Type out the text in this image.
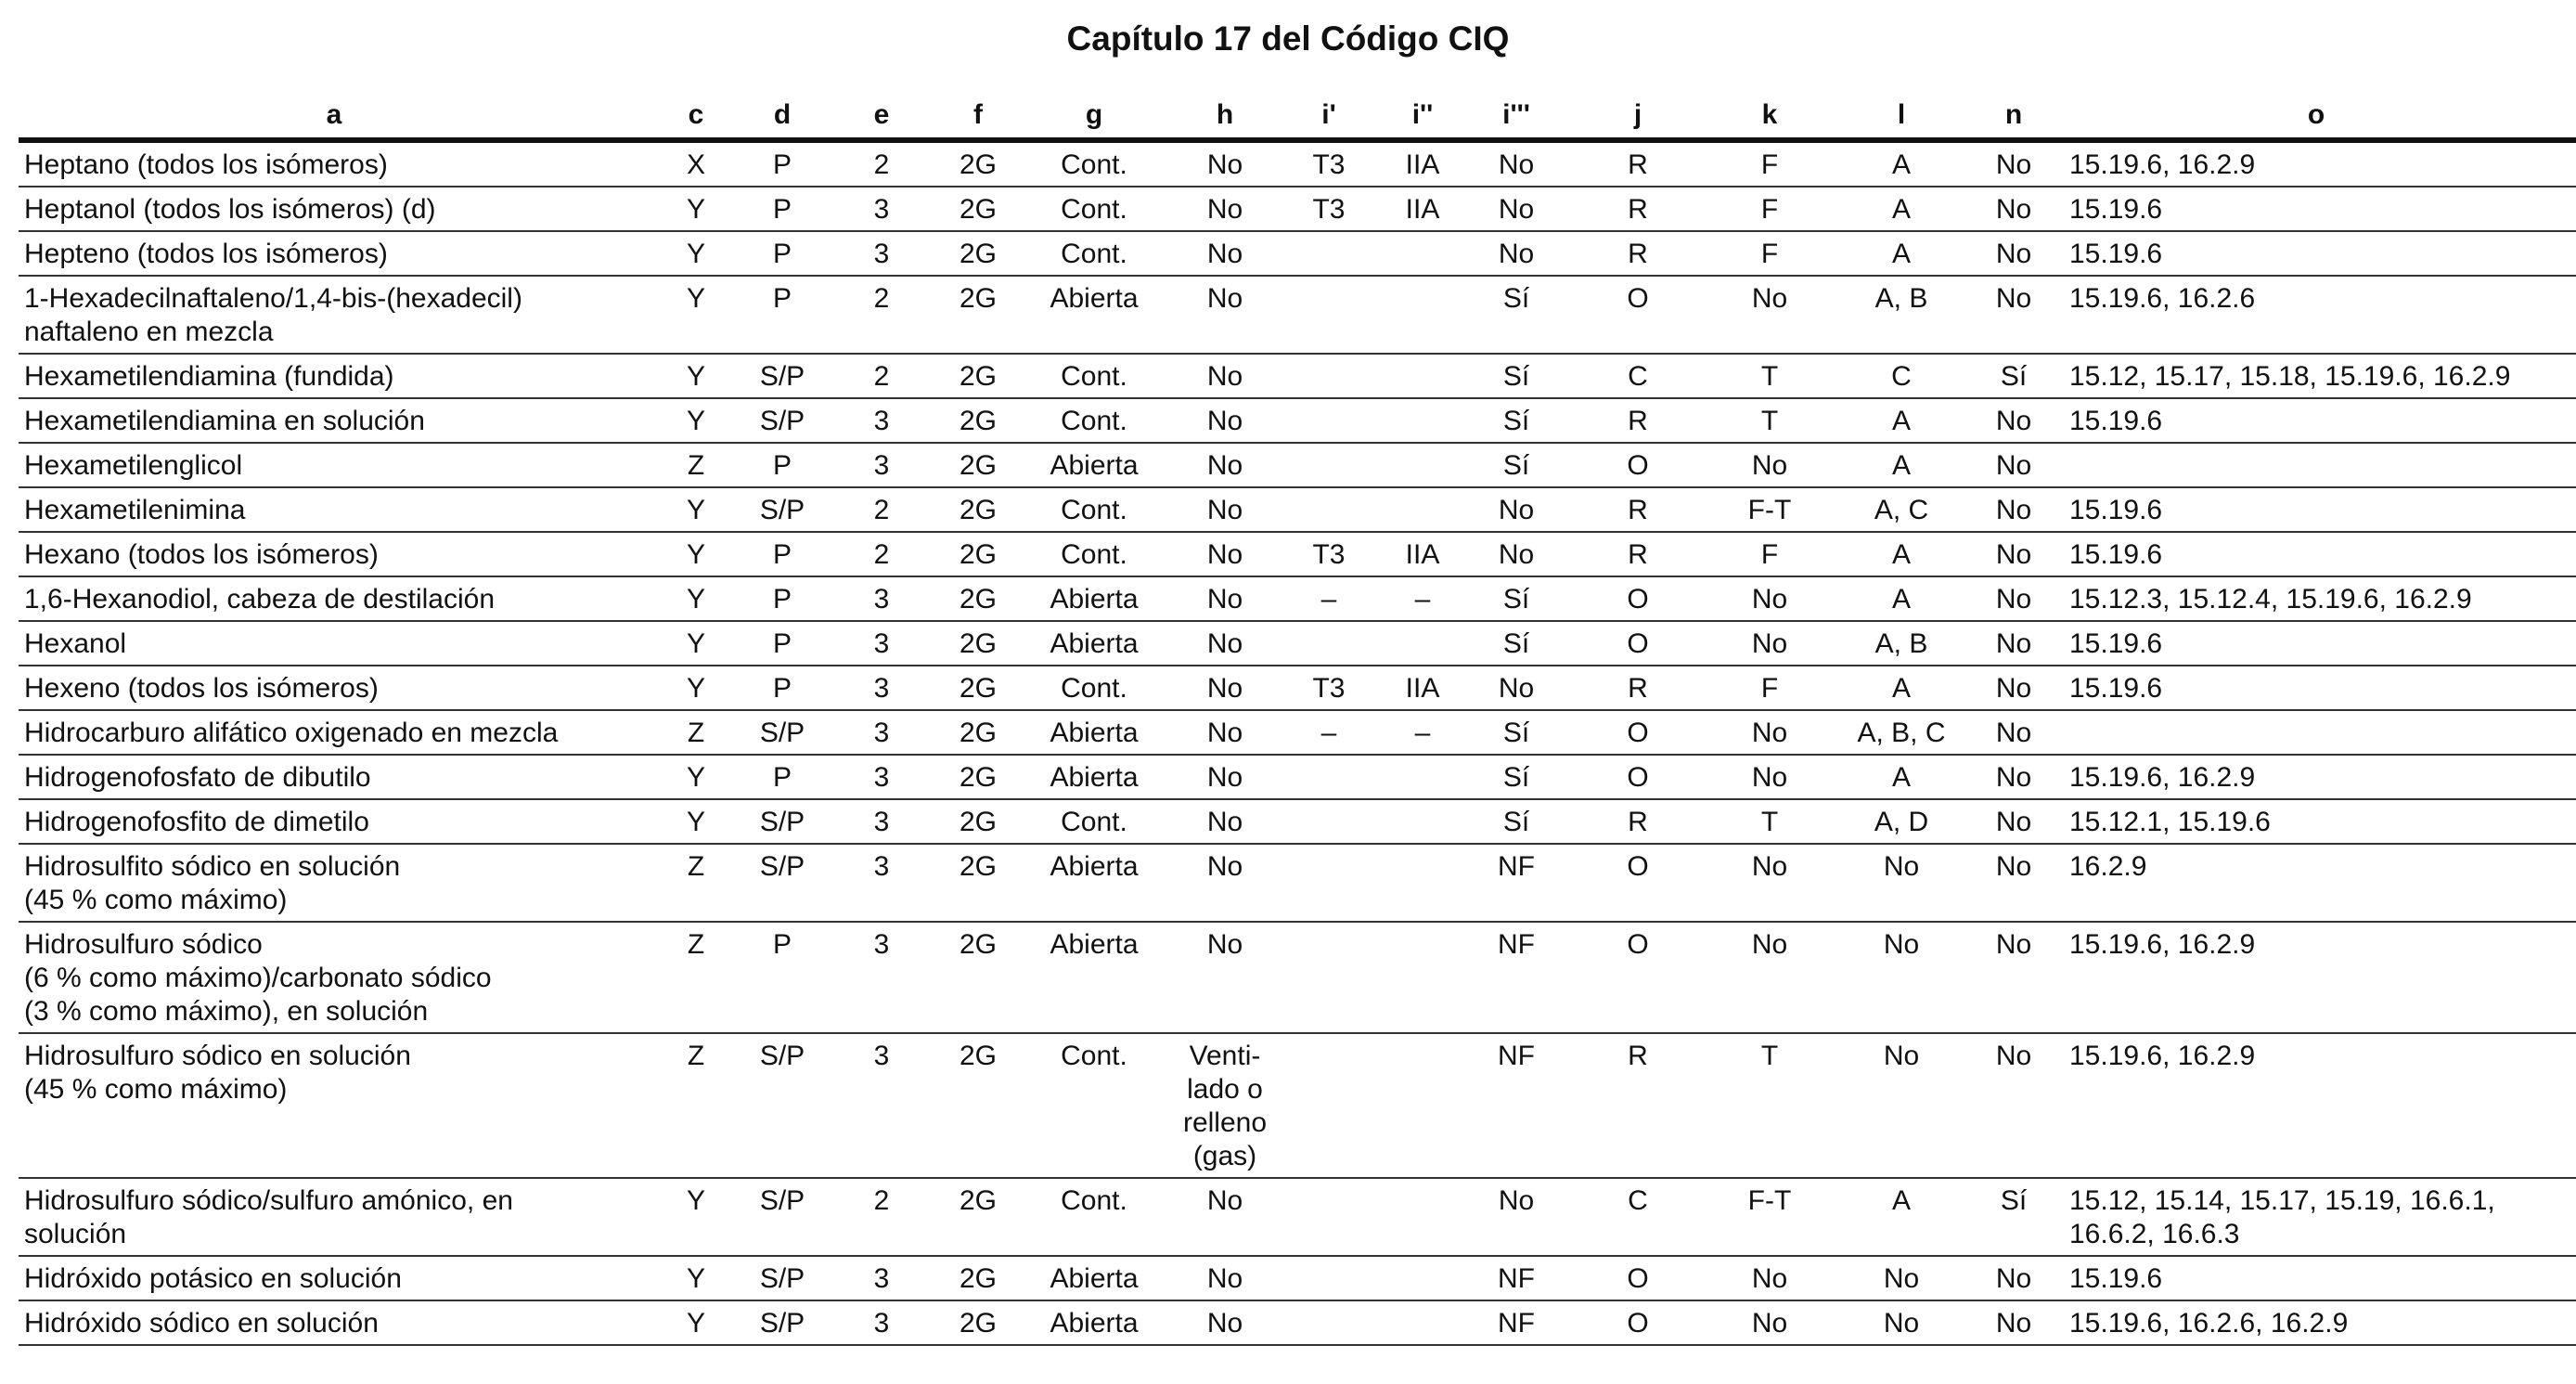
Capítulo 17 del Código CIQ
a	c	d	e	f	g	h	i'	i''	i'''	j	k	l	n	o
Heptano (todos los isómeros)	X	P	2	2G	Cont.	No	T3	IIA	No	R	F	A	No	15.19.6, 16.2.9
Heptanol (todos los isómeros) (d)	Y	P	3	2G	Cont.	No	T3	IIA	No	R	F	A	No	15.19.6
Hepteno (todos los isómeros)	Y	P	3	2G	Cont.	No			No	R	F	A	No	15.19.6
1-Hexadecilnaftaleno/1,4-bis-(hexadecil)
naftaleno en mezcla	Y	P	2	2G	Abierta	No			Sí	O	No	A, B	No	15.19.6, 16.2.6
Hexametilendiamina (fundida)	Y	S/P	2	2G	Cont.	No			Sí	C	T	C	Sí	15.12, 15.17, 15.18, 15.19.6, 16.2.9
Hexametilendiamina en solución	Y	S/P	3	2G	Cont.	No			Sí	R	T	A	No	15.19.6
Hexametilenglicol	Z	P	3	2G	Abierta	No			Sí	O	No	A	No	
Hexametilenimina	Y	S/P	2	2G	Cont.	No			No	R	F-T	A, C	No	15.19.6
Hexano (todos los isómeros)	Y	P	2	2G	Cont.	No	T3	IIA	No	R	F	A	No	15.19.6
1,6-Hexanodiol, cabeza de destilación	Y	P	3	2G	Abierta	No	–	–	Sí	O	No	A	No	15.12.3, 15.12.4, 15.19.6, 16.2.9
Hexanol	Y	P	3	2G	Abierta	No			Sí	O	No	A, B	No	15.19.6
Hexeno (todos los isómeros)	Y	P	3	2G	Cont.	No	T3	IIA	No	R	F	A	No	15.19.6
Hidrocarburo alifático oxigenado en mezcla	Z	S/P	3	2G	Abierta	No	–	–	Sí	O	No	A, B, C	No	
Hidrogenofosfato de dibutilo	Y	P	3	2G	Abierta	No			Sí	O	No	A	No	15.19.6, 16.2.9
Hidrogenofosfito de dimetilo	Y	S/P	3	2G	Cont.	No			Sí	R	T	A, D	No	15.12.1, 15.19.6
Hidrosulfito sódico en solución
(45 % como máximo)	Z	S/P	3	2G	Abierta	No			NF	O	No	No	No	16.2.9
Hidrosulfuro sódico
(6 % como máximo)/carbonato sódico
(3 % como máximo), en solución	Z	P	3	2G	Abierta	No			NF	O	No	No	No	15.19.6, 16.2.9
Hidrosulfuro sódico en solución
(45 % como máximo)	Z	S/P	3	2G	Cont.	Venti-
lado o
relleno
(gas)			NF	R	T	No	No	15.19.6, 16.2.9
Hidrosulfuro sódico/sulfuro amónico, en
solución	Y	S/P	2	2G	Cont.	No			No	C	F-T	A	Sí	15.12, 15.14, 15.17, 15.19, 16.6.1,
16.6.2, 16.6.3
Hidróxido potásico en solución	Y	S/P	3	2G	Abierta	No			NF	O	No	No	No	15.19.6
Hidróxido sódico en solución	Y	S/P	3	2G	Abierta	No			NF	O	No	No	No	15.19.6, 16.2.6, 16.2.9
